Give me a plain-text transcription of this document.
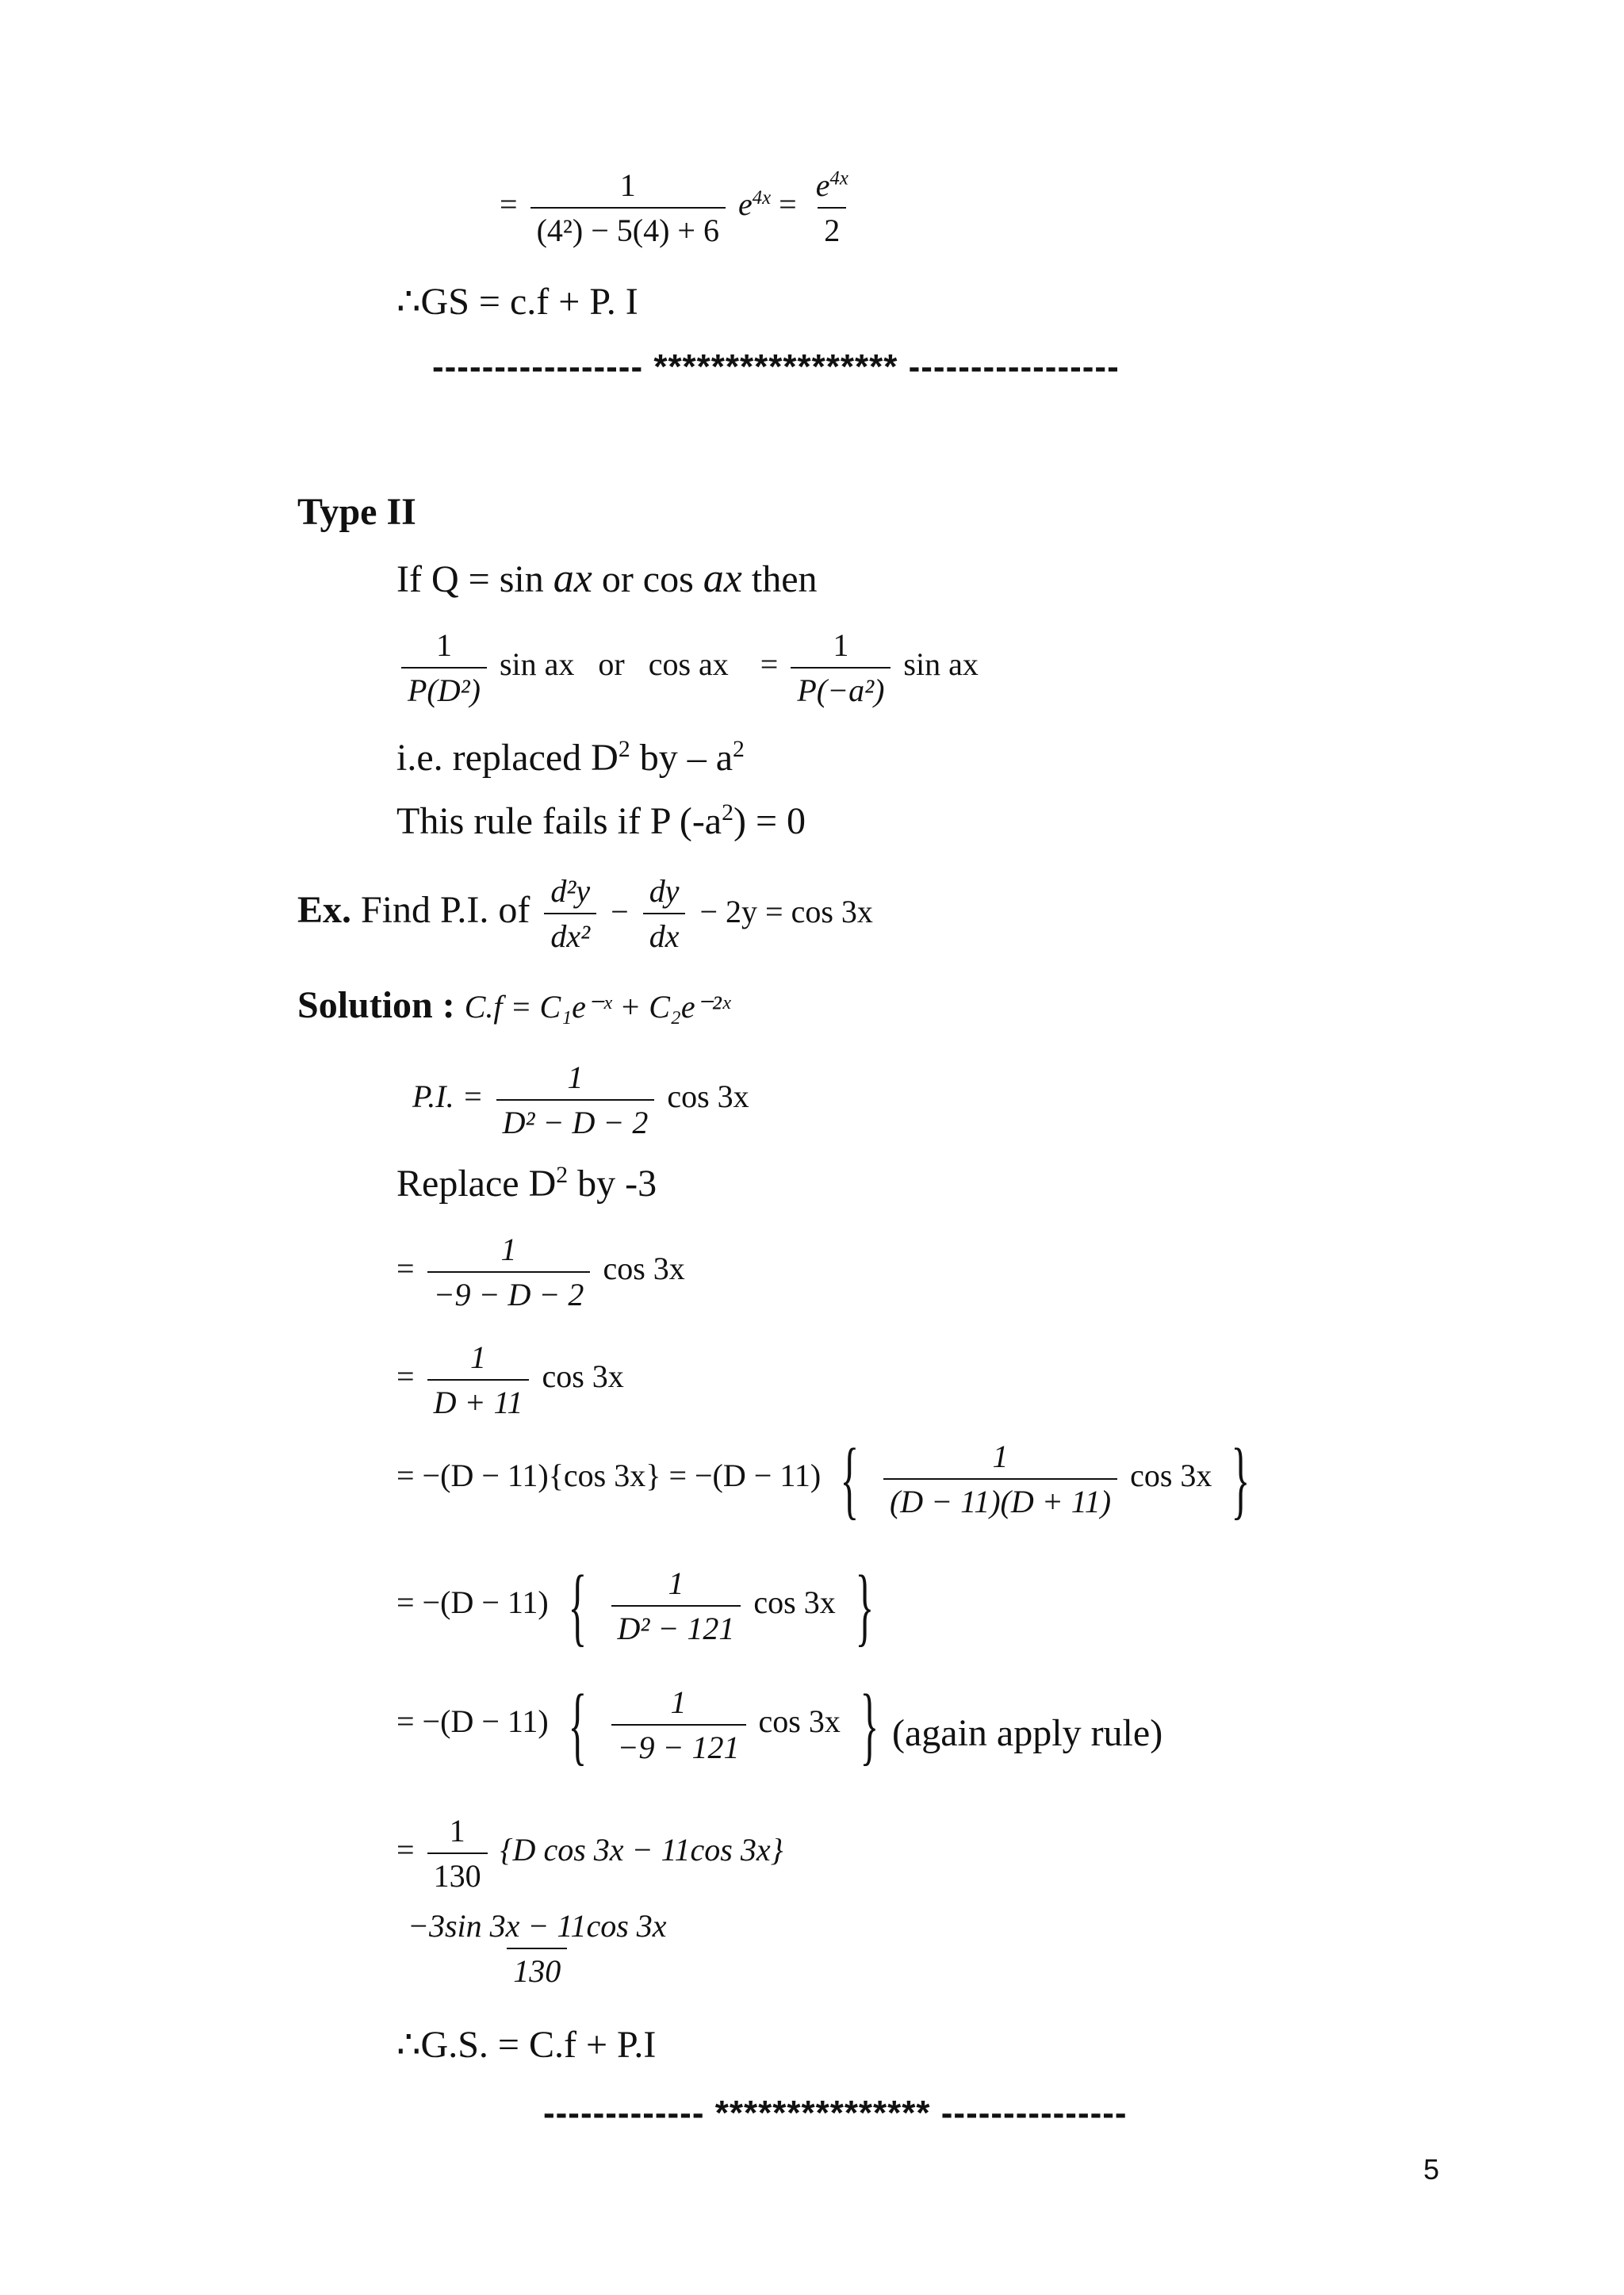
= $\frac{1}{\text{(4²) − 5(4) + 6}} e^{4x} = \frac{e^{4x}}{2}$
∴GS = c.f + P. I
----------------- ***************** -----------------
Type II
If Q = sin ax or cos ax then
$\frac{1}{\text{P(D²)}}$ sin ax   or   cos ax = $\frac{1}{\text{P(−a²)}}$ sin ax
i.e. replaced $D^2$ by – $a^2$
This rule fails if P $(-a^2) = 0$
Ex. Find P.I. of $\frac{\text{d²y}}{\text{dx²}} - \frac{dy}{dx} - 2y = \cos 3x$
Solution : C.f = C₁e⁻ˣ + C₂e⁻²ˣ
P.I. = $\frac{1}{\text{D² − D − 2}}$ cos 3x
Replace $D^2$ by -3
= $\frac{1}{-9 - D - 2}$ cos 3x
= $\frac{1}{D + 11}$ cos 3x
= −(D − 11){cos 3x} = −(D − 11) { $\frac{1}{(D - 11)(D + 11)}$ cos 3x }
= −(D − 11) { $\frac{1}{\text{D² − 121}}$ cos 3x }
= −(D − 11) { $\frac{1}{-9 - 121}$ cos 3x } (again apply rule)
= $\frac{1}{130} \{D$ cos 3x − 11cos 3x}
$\frac{-3\sin 3x - 11\cos 3x}{130}$
∴G.S. = C.f + P.I
------------- *************** ---------------
5
